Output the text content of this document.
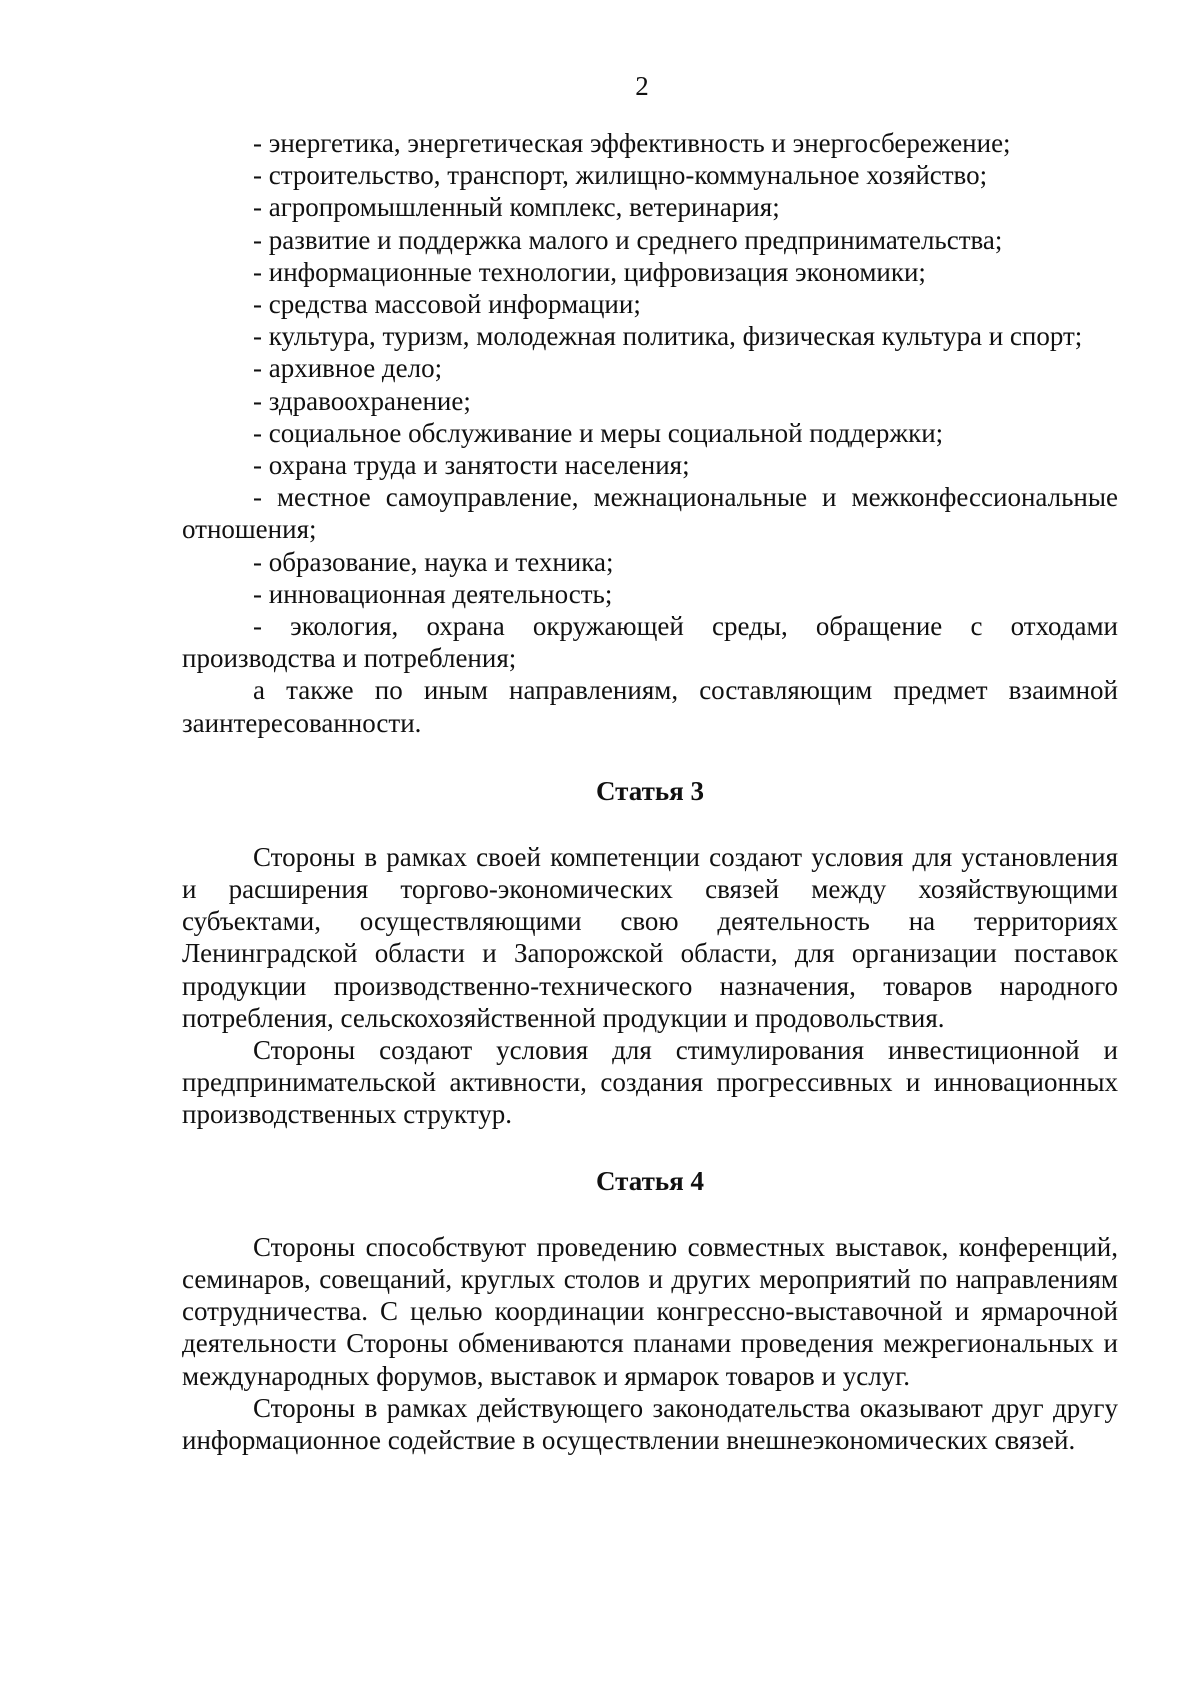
2

- энергетика, энергетическая эффективность и энергосбережение;

- строительство, транспорт, жилищно-коммунальное хозяйство;

- агропромышленный комплекс, ветеринария;

- развитие и поддержка малого и среднего предпринимательства;

- информационные технологии, цифровизация экономики;

- средства массовой информации;

- культура, туризм, молодежная политика, физическая культура и спорт;

- архивное дело;

- здравоохранение;

- социальное обслуживание и меры социальной поддержки;

- охрана труда и занятости населения;

- местное самоуправление, межнациональные и межконфессиональные отношения;

- образование, наука и техника;

- инновационная деятельность;

- экология, охрана окружающей среды, обращение с отходами производства и потребления;

а также по иным направлениям, составляющим предмет взаимной заинтересованности.

Статья 3

Стороны в рамках своей компетенции создают условия для установления и расширения торгово-экономических связей между хозяйствующими субъектами, осуществляющими свою деятельность на территориях Ленинградской области и Запорожской области, для организации поставок продукции производственно-технического назначения, товаров народного потребления, сельскохозяйственной продукции и продовольствия.

Стороны создают условия для стимулирования инвестиционной и предпринимательской активности, создания прогрессивных и инновационных производственных структур.

Статья 4

Стороны способствуют проведению совместных выставок, конференций, семинаров, совещаний, круглых столов и других мероприятий по направлениям сотрудничества. С целью координации конгрессно-выставочной и ярмарочной деятельности Стороны обмениваются планами проведения межрегиональных и международных форумов, выставок и ярмарок товаров и услуг.

Стороны в рамках действующего законодательства оказывают друг другу информационное содействие в осуществлении внешнеэкономических связей.
